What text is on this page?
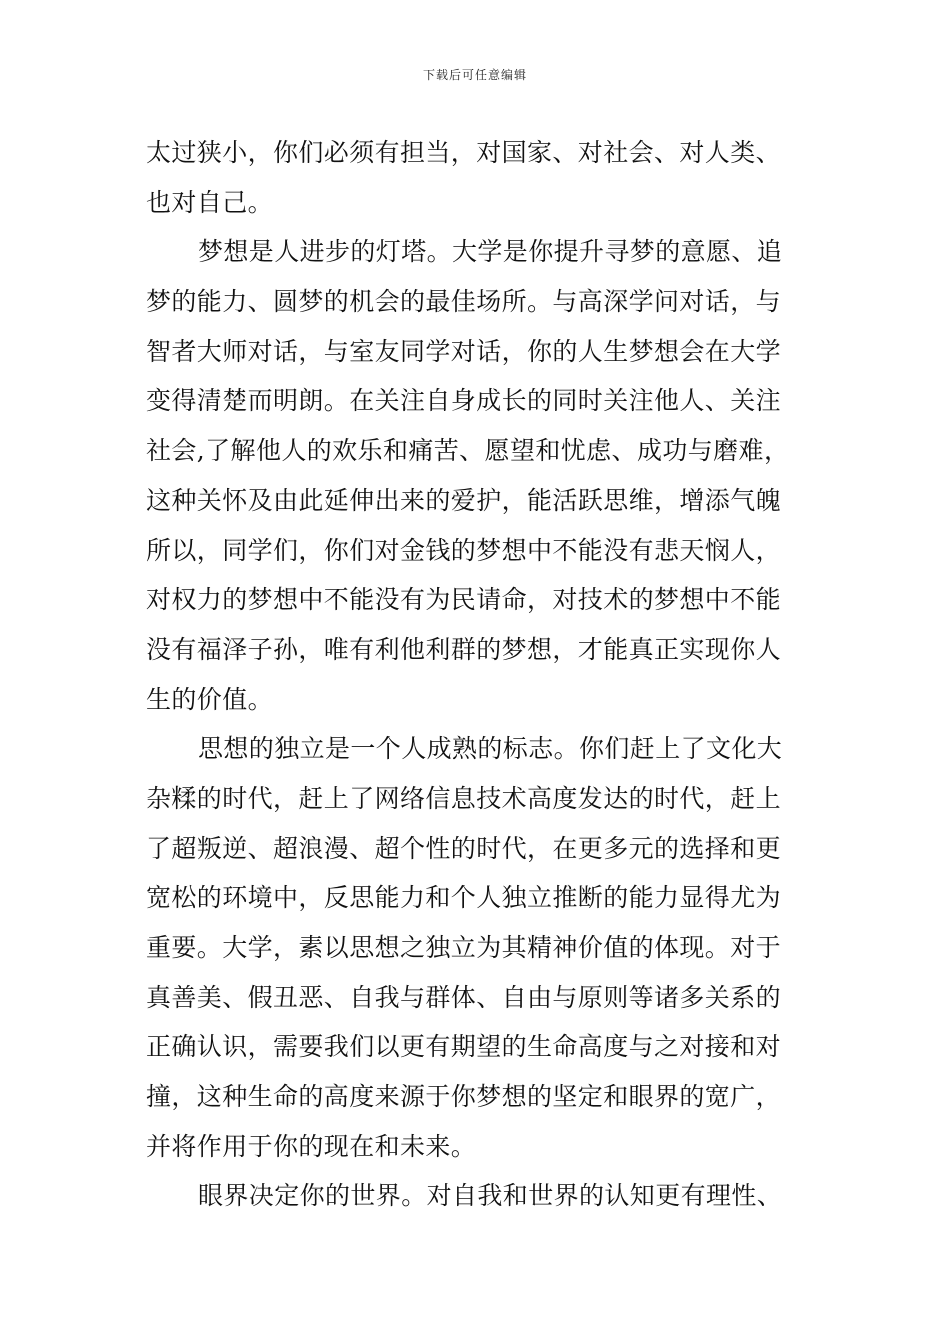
下载后可任意编辑
太过狭小，你们必须有担当，对国家、对社会、对人类、
也对自己。
梦想是人进步的灯塔。大学是你提升寻梦的意愿、追
梦的能力、圆梦的机会的最佳场所。与高深学问对话，与
智者大师对话，与室友同学对话，你的人生梦想会在大学
变得清楚而明朗。在关注自身成长的同时关注他人、关注
社会,了解他人的欢乐和痛苦、愿望和忧虑、成功与磨难，
这种关怀及由此延伸出来的爱护，能活跃思维，增添气魄
所以，同学们，你们对金钱的梦想中不能没有悲天悯人，
对权力的梦想中不能没有为民请命，对技术的梦想中不能
没有福泽子孙，唯有利他利群的梦想，才能真正实现你人
生的价值。
思想的独立是一个人成熟的标志。你们赶上了文化大
杂糅的时代，赶上了网络信息技术高度发达的时代，赶上
了超叛逆、超浪漫、超个性的时代，在更多元的选择和更
宽松的环境中，反思能力和个人独立推断的能力显得尤为
重要。大学，素以思想之独立为其精神价值的体现。对于
真善美、假丑恶、自我与群体、自由与原则等诸多关系的
正确认识，需要我们以更有期望的生命高度与之对接和对
撞，这种生命的高度来源于你梦想的坚定和眼界的宽广，
并将作用于你的现在和未来。
眼界决定你的世界。对自我和世界的认知更有理性、
